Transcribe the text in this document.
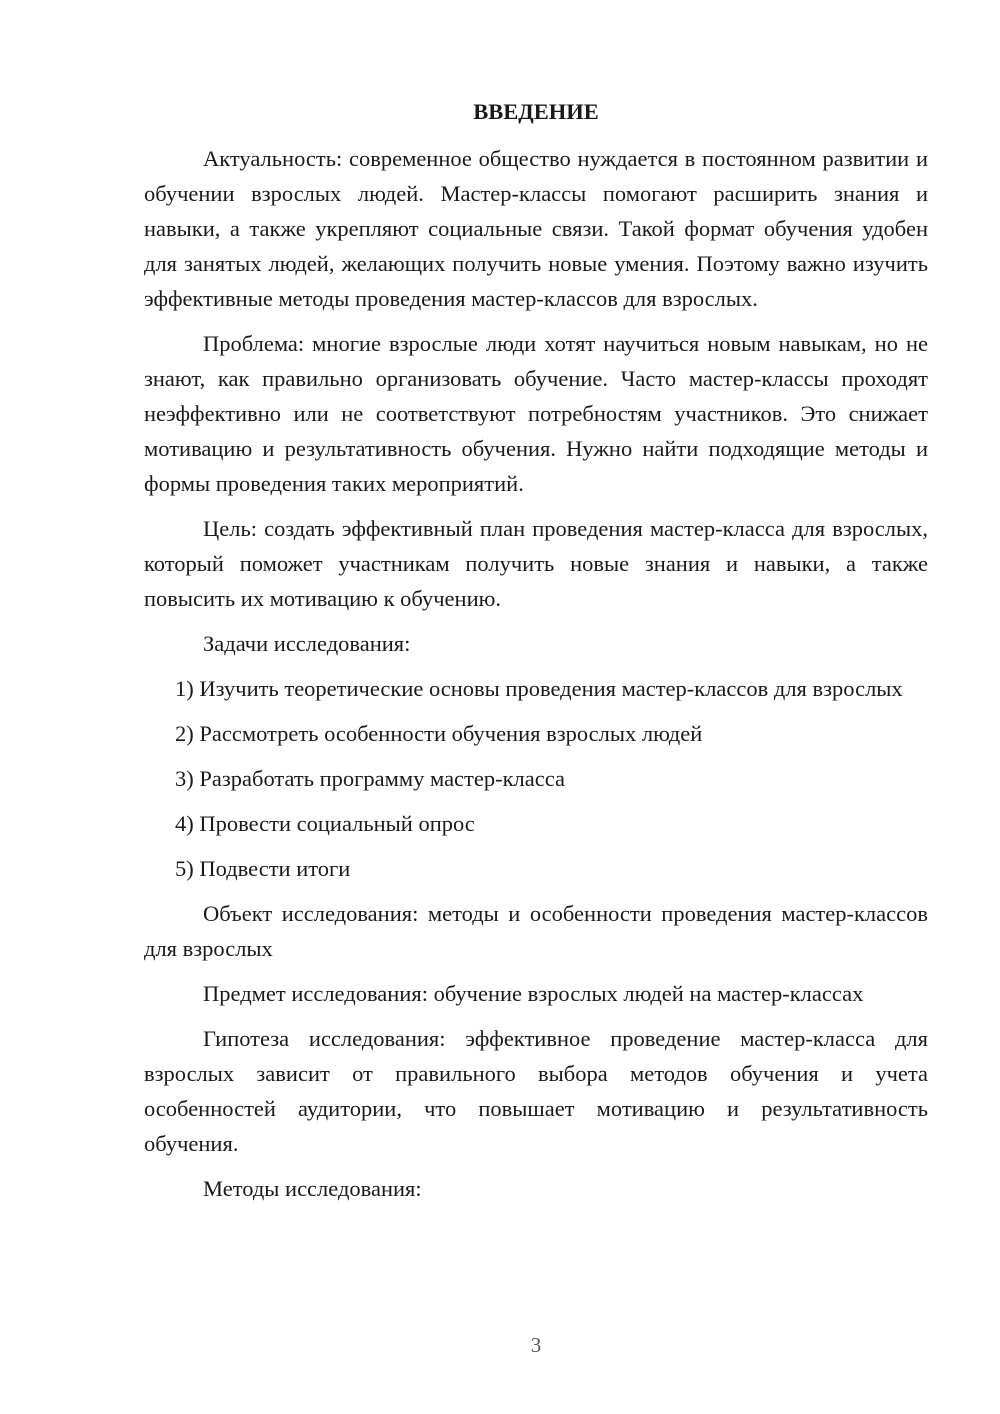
ВВЕДЕНИЕ

Актуальность: современное общество нуждается в постоянном развитии и обучении взрослых людей. Мастер-классы помогают расширить знания и навыки, а также укрепляют социальные связи. Такой формат обучения удобен для занятых людей, желающих получить новые умения. Поэтому важно изучить эффективные методы проведения мастер-классов для взрослых.

Проблема: многие взрослые люди хотят научиться новым навыкам, но не знают, как правильно организовать обучение. Часто мастер-классы проходят неэффективно или не соответствуют потребностям участников. Это снижает мотивацию и результативность обучения. Нужно найти подходящие методы и формы проведения таких мероприятий.

Цель: создать эффективный план проведения мастер-класса для взрослых, который поможет участникам получить новые знания и навыки, а также повысить их мотивацию к обучению.

Задачи исследования:

1) Изучить теоретические основы проведения мастер-классов для взрослых

2) Рассмотреть особенности обучения взрослых людей

3) Разработать программу мастер-класса

4) Провести социальный опрос

5) Подвести итоги

Объект исследования: методы и особенности проведения мастер-классов для взрослых

Предмет исследования: обучение взрослых людей на мастер-классах

Гипотеза исследования: эффективное проведение мастер-класса для взрослых зависит от правильного выбора методов обучения и учета особенностей аудитории, что повышает мотивацию и результативность обучения.

Методы исследования:

3
